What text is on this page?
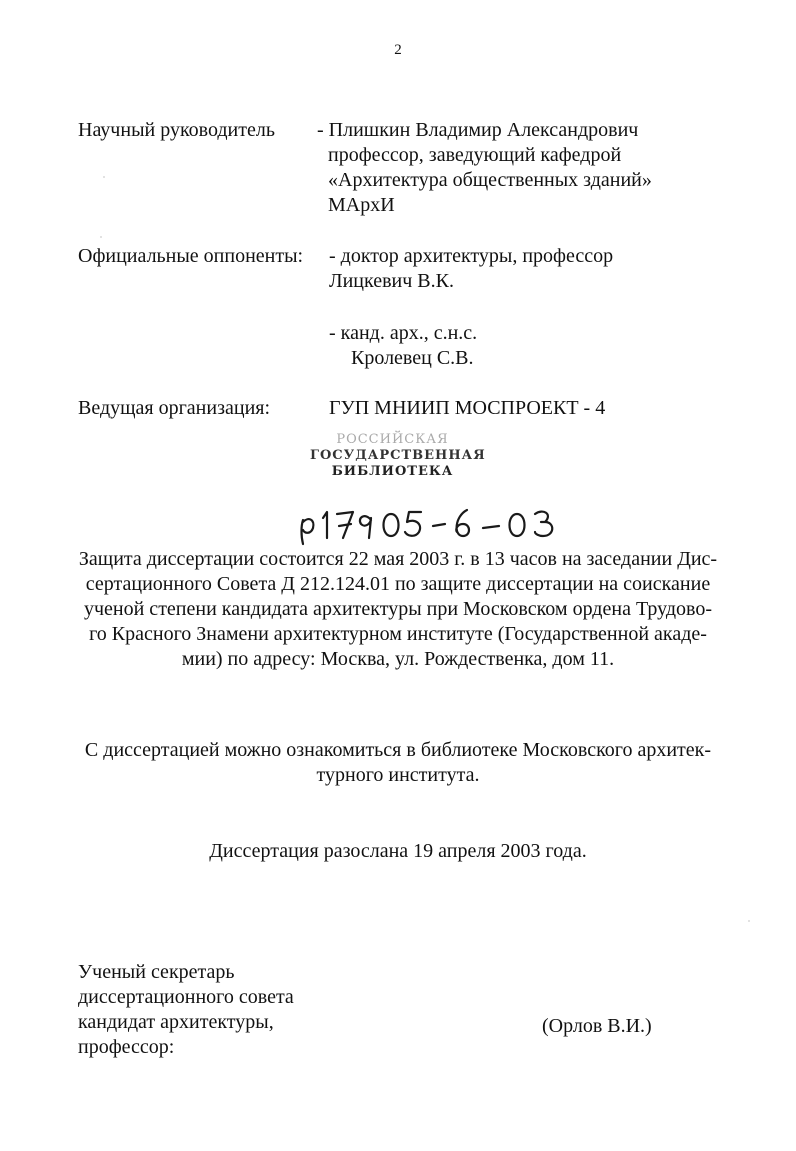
2
Научный руководитель - Плишкин Владимир Александрович
профессор, заведующий кафедрой
«Архитектура общественных зданий»
МАрхИ
Официальные оппоненты: - доктор архитектуры, профессор
Лицкевич В.К.
- канд. арх., с.н.с.
Кролевец С.В.
Ведущая организация:	ГУП МНИИП МОСПРОЕКТ - 4
РОССИЙСКАЯ
ГОСУДАРСТВЕННАЯ
БИБЛИОТЕКА
Защита диссертации состоится 22 мая 2003 г. в 13 часов на заседании Дис-
сертационного Совета Д 212.124.01 по защите диссертации на соискание
ученой степени кандидата архитектуры при Московском ордена Трудово-
го Красного Знамени архитектурном институте (Государственной акаде-
мии) по адресу: Москва, ул. Рождественка, дом 11.
С диссертацией можно ознакомиться в библиотеке Московского архитек-
турного института.
Диссертация разослана 19 апреля 2003 года.
Ученый секретарь
диссертационного совета
кандидат архитектуры,
профессор:
(Орлов В.И.)
